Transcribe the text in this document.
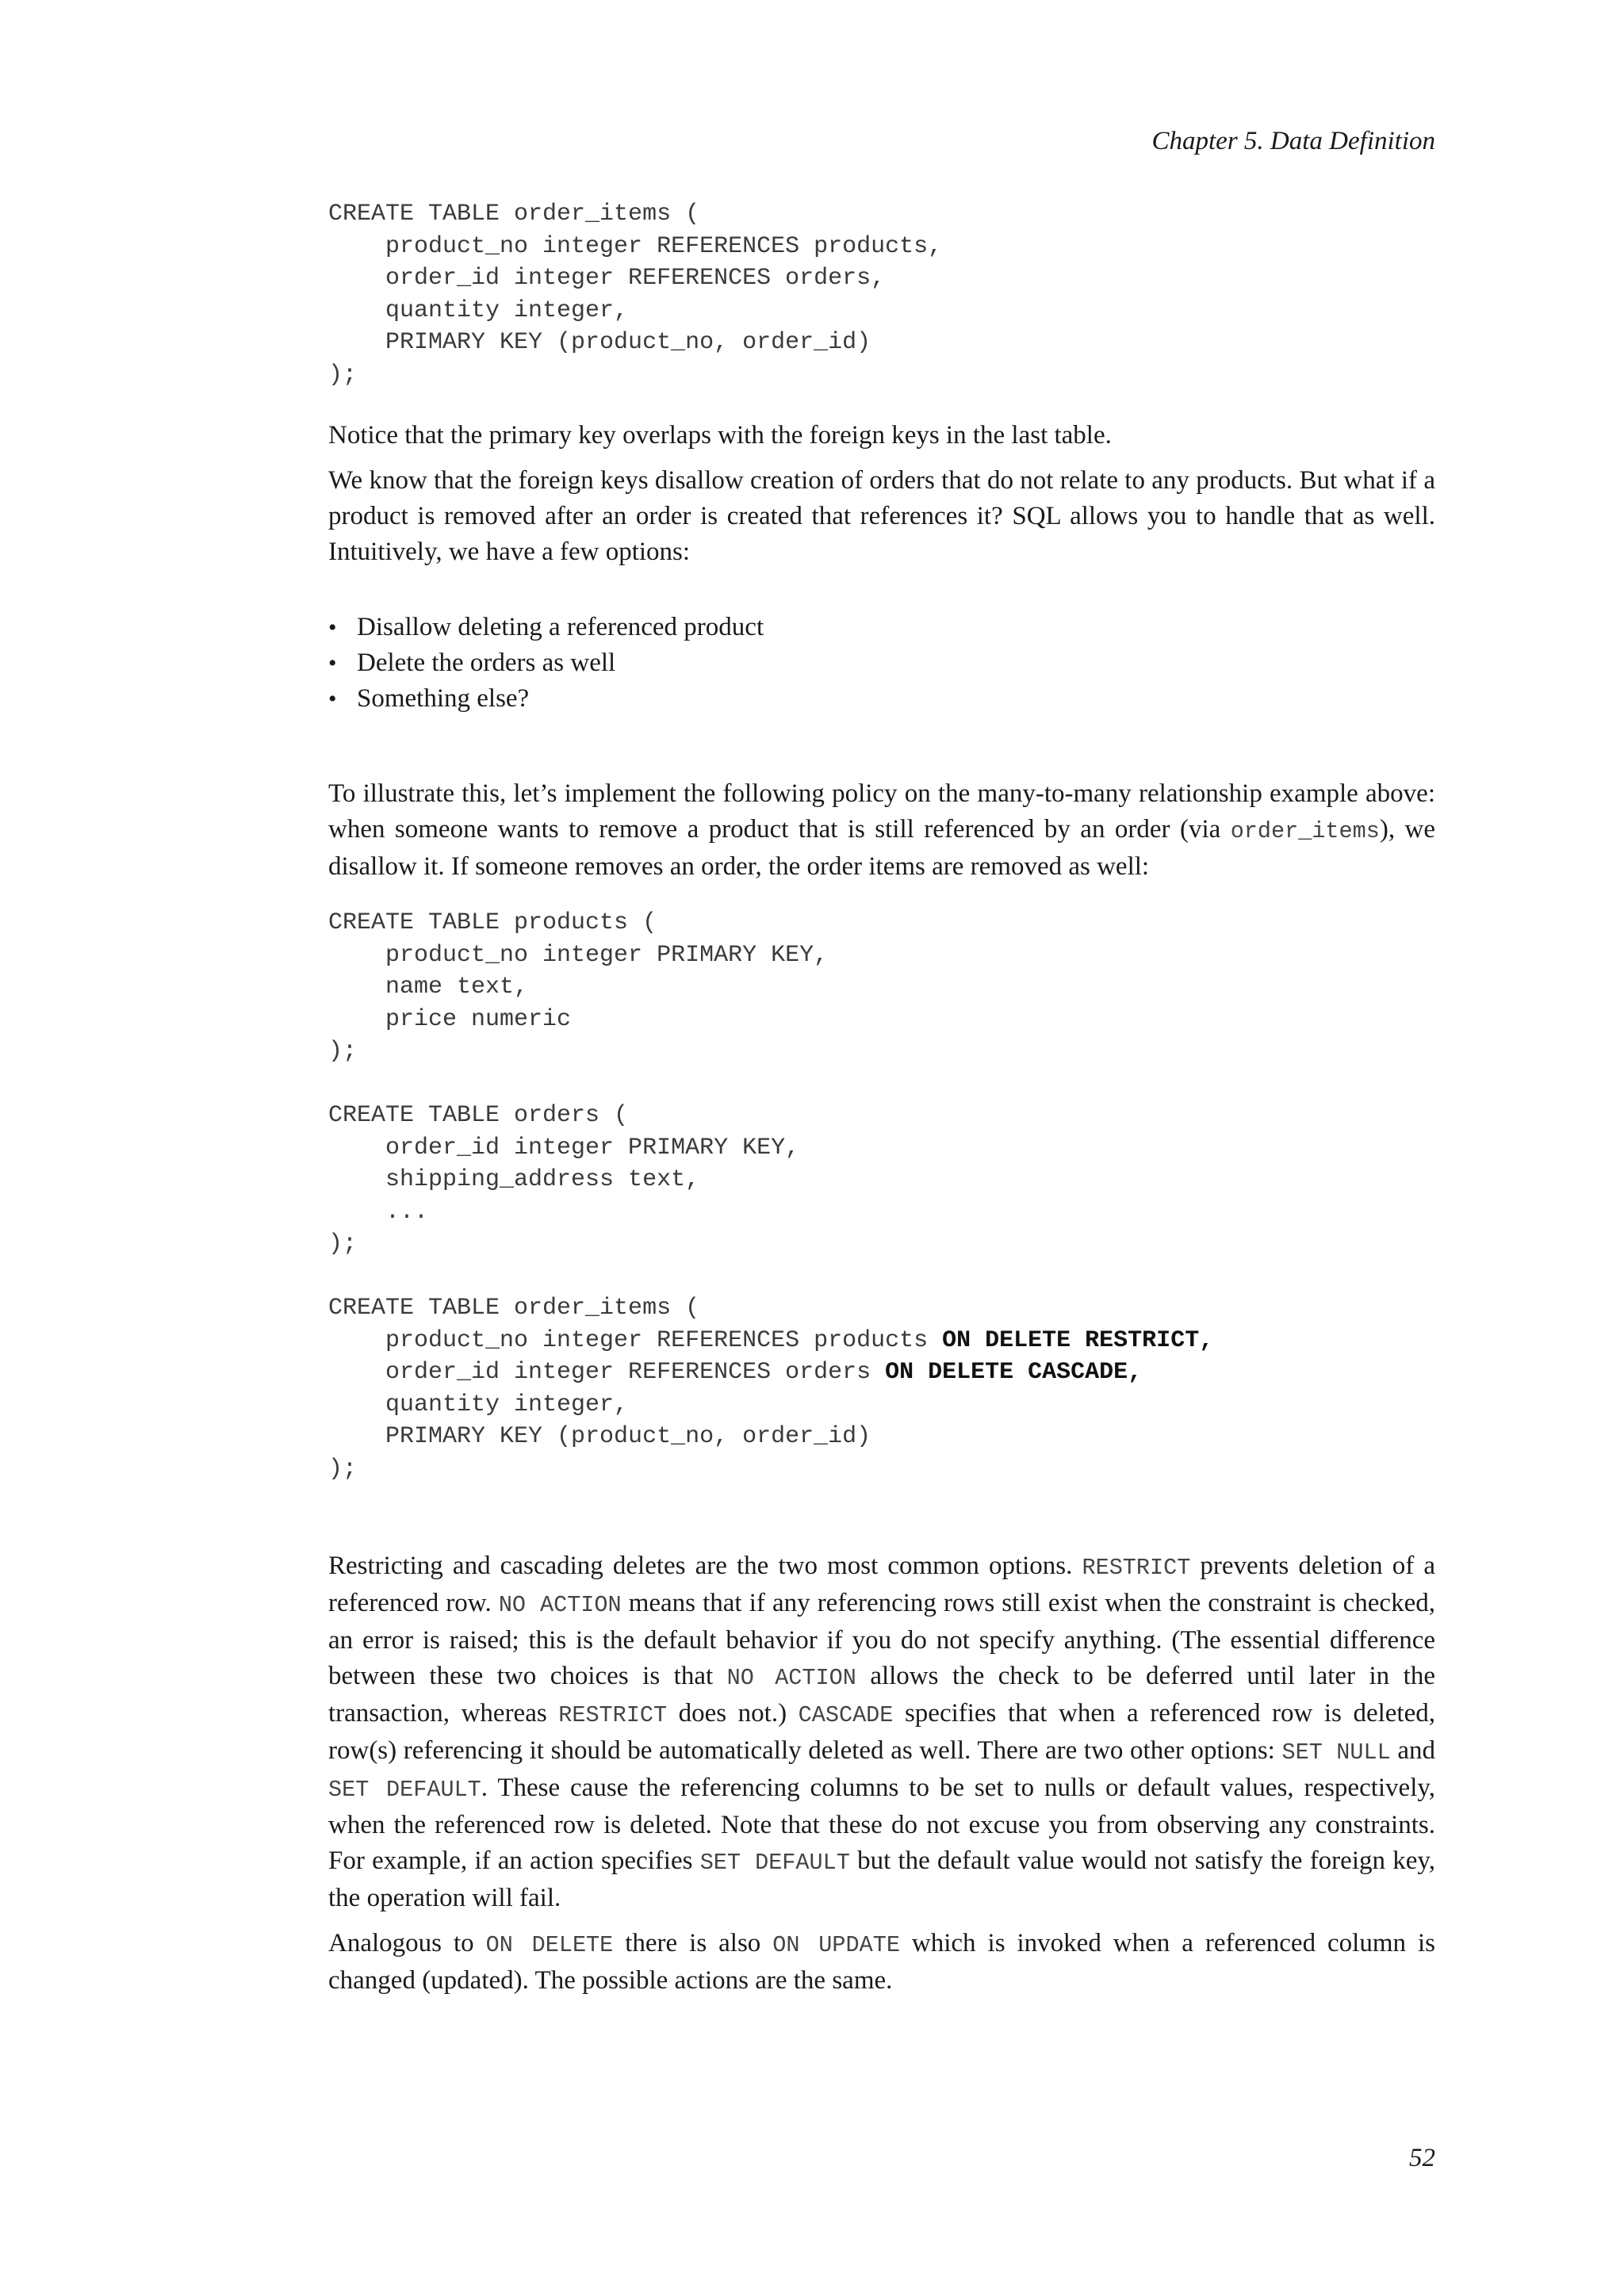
Chapter 5. Data Definition
CREATE TABLE order_items (
product_no integer REFERENCES products,
order_id integer REFERENCES orders,
quantity integer,
PRIMARY KEY (product_no, order_id)
);

Notice that the primary key overlaps with the foreign keys in the last table.

We know that the foreign keys disallow creation of orders that do not relate to any products. But what if a product is removed after an order is created that references it? SQL allows you to handle that as well. Intuitively, we have a few options:

• Disallow deleting a referenced product
• Delete the orders as well
• Something else?

To illustrate this, let’s implement the following policy on the many-to-many relationship example above: when someone wants to remove a product that is still referenced by an order (via order_items), we disallow it. If someone removes an order, the order items are removed as well:

CREATE TABLE products (
product_no integer PRIMARY KEY,
name text,
price numeric
);

CREATE TABLE orders (
order_id integer PRIMARY KEY,
shipping_address text,
...
);

CREATE TABLE order_items (
product_no integer REFERENCES products ON DELETE RESTRICT,
order_id integer REFERENCES orders ON DELETE CASCADE,
quantity integer,
PRIMARY KEY (product_no, order_id)
);

Restricting and cascading deletes are the two most common options. RESTRICT prevents deletion of a referenced row. NO ACTION means that if any referencing rows still exist when the constraint is checked, an error is raised; this is the default behavior if you do not specify anything. (The essential difference between these two choices is that NO ACTION allows the check to be deferred until later in the transaction, whereas RESTRICT does not.) CASCADE specifies that when a referenced row is deleted, row(s) referencing it should be automatically deleted as well. There are two other options: SET NULL and SET DEFAULT. These cause the referencing columns to be set to nulls or default values, respectively, when the referenced row is deleted. Note that these do not excuse you from observing any constraints. For example, if an action specifies SET DEFAULT but the default value would not satisfy the foreign key, the operation will fail.

Analogous to ON DELETE there is also ON UPDATE which is invoked when a referenced column is changed (updated). The possible actions are the same.

52
